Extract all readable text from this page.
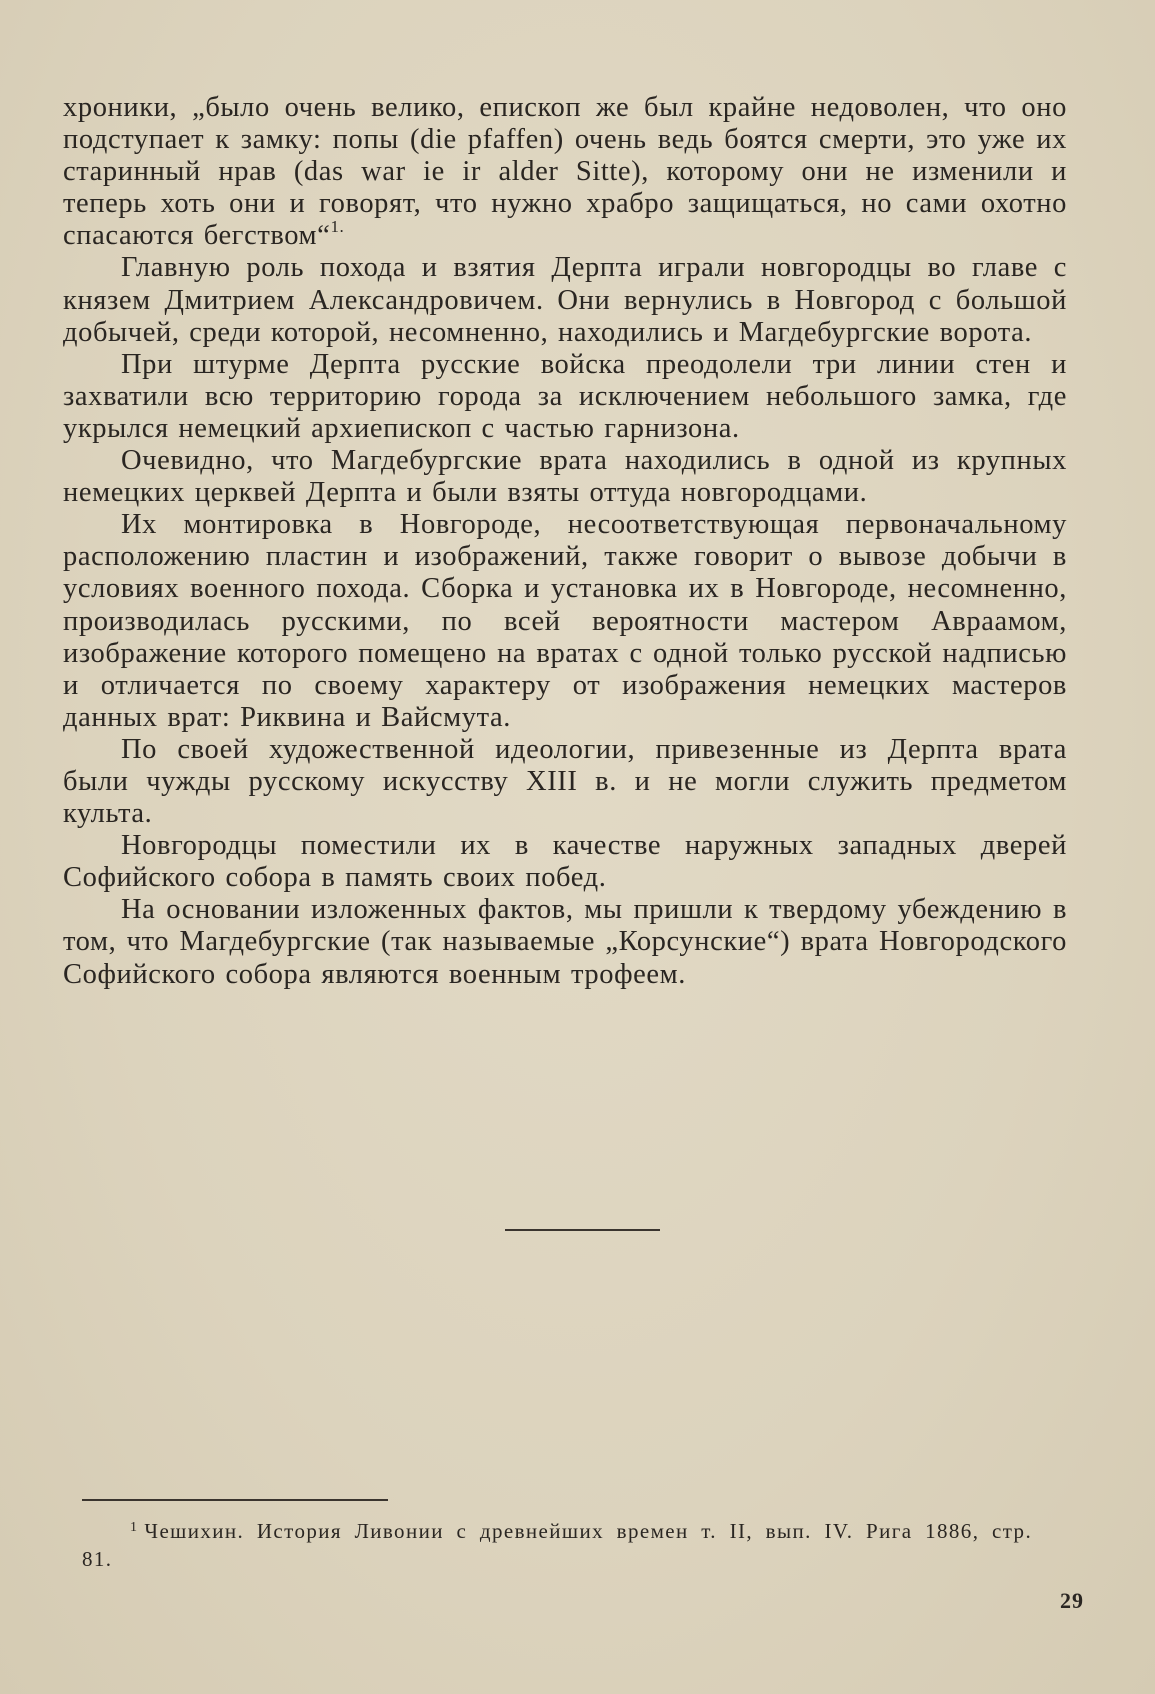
хроники, „было очень велико, епископ же был крайне недоволен, что оно подступает к замку: попы (die pfaffen) очень ведь боятся смерти, это уже их старинный нрав (das war ie ir alder Sitte), которому они не изменили и теперь хоть они и говорят, что нужно храбро защищаться, но сами охотно спасаются бегством“$^{1.}$

Главную роль похода и взятия Дерпта играли новгородцы во главе с князем Дмитрием Александровичем. Они вернулись в Новгород с большой добычей, среди которой, несомненно, находились и Магдебургские ворота.

При штурме Дерпта русские войска преодолели три линии стен и захватили всю территорию города за исключением небольшого замка, где укрылся немецкий архиепископ с частью гарнизона.

Очевидно, что Магдебургские врата находились в одной из крупных немецких церквей Дерпта и были взяты оттуда новгородцами.

Их монтировка в Новгороде, несоответствующая первоначальному расположению пластин и изображений, также говорит о вывозе добычи в условиях военного похода. Сборка и установка их в Новгороде, несомненно, производилась русскими, по всей вероятности мастером Авраамом, изображение которого помещено на вратах с одной только русской надписью и отличается по своему характеру от изображения немецких мастеров данных врат: Риквина и Вайсмута.

По своей художественной идеологии, привезенные из Дерпта врата были чужды русскому искусству XIII в. и не могли служить предметом культа.

Новгородцы поместили их в качестве наружных западных дверей Софийского собора в память своих побед.

На основании изложенных фактов, мы пришли к твердому убеждению в том, что Магдебургские (так называемые „Корсунские“) врата Новгородского Софийского собора являются военным трофеем.

$^1$ Чешихин. История Ливонии с древнейших времен т. II, вып. IV. Рига 1886, стр. 81.
29
